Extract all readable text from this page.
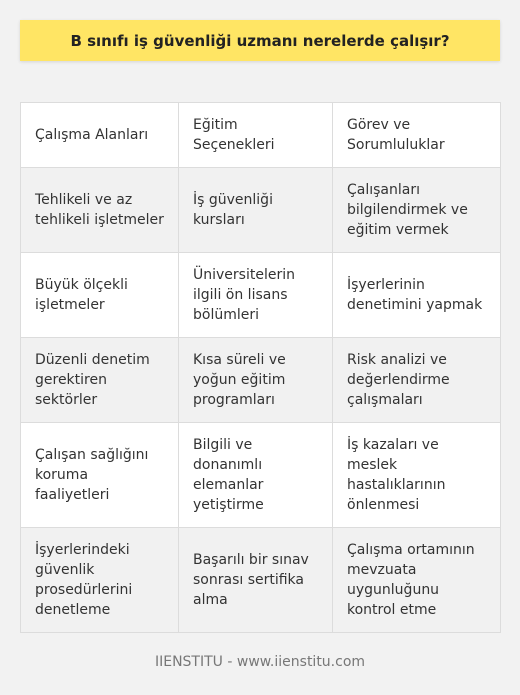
B sınıfı iş güvenliği uzmanı nerelerde çalışır?
Çalışma Alanları	Eğitim Seçenekleri	Görev ve Sorumluluklar
Tehlikeli ve az tehlikeli işletmeler	İş güvenliği kursları	Çalışanları bilgilendirmek ve eğitim vermek
Büyük ölçekli işletmeler	Üniversitelerin ilgili ön lisans bölümleri	İşyerlerinin denetimini yapmak
Düzenli denetim gerektiren sektörler	Kısa süreli ve yoğun eğitim programları	Risk analizi ve değerlendirme çalışmaları
Çalışan sağlığını koruma faaliyetleri	Bilgili ve donanımlı elemanlar yetiştirme	İş kazaları ve meslek hastalıklarının önlenmesi
İşyerlerindeki güvenlik prosedürlerini denetleme	Başarılı bir sınav sonrası sertifika alma	Çalışma ortamının mevzuata uygunluğunu kontrol etme
IIENSTITU - www.iienstitu.com
